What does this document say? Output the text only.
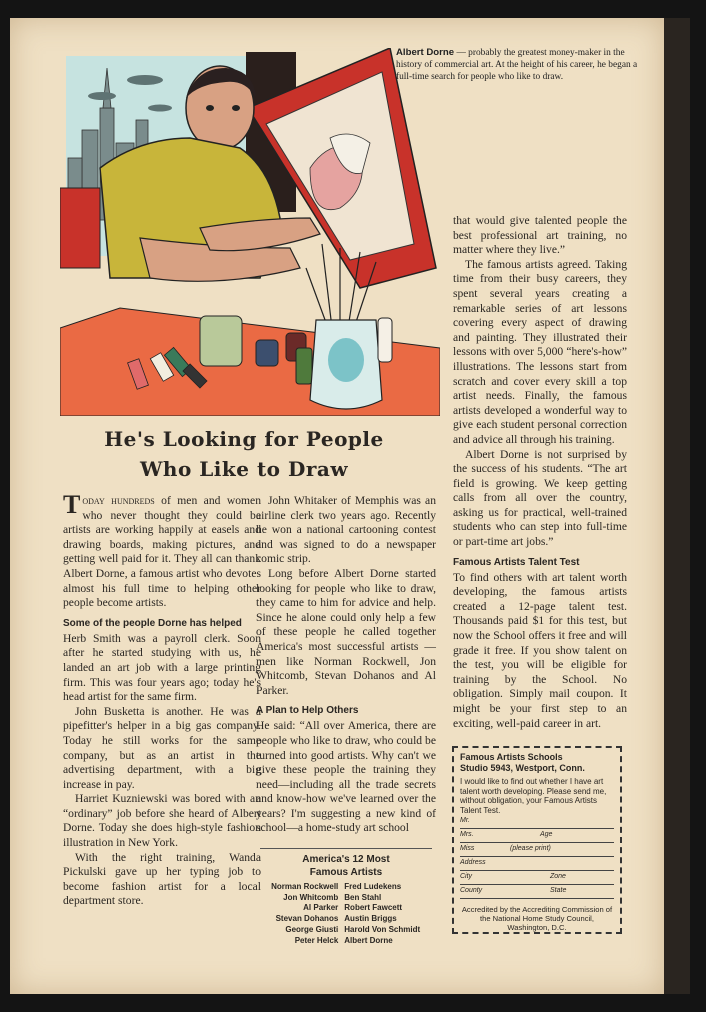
Albert Dorne — probably the greatest money-maker in the history of commercial art. At the height of his career, he began a full-time search for people who like to draw.
He's Looking for People
Who Like to Draw

Today hundreds of men and women who never thought they could be artists are working happily at easels and drawing boards, making pictures, and getting well paid for it. They all can thank Albert Dorne, a famous artist who devotes almost his full time to helping other people become artists.

Some of the people Dorne has helped

Herb Smith was a payroll clerk. Soon after he started studying with us, he landed an art job with a large printing firm. This was four years ago; today he's head artist for the same firm.

John Busketta is another. He was a pipefitter's helper in a big gas company. Today he still works for the same company, but as an artist in the advertising department, with a big increase in pay.

Harriet Kuzniewski was bored with an “ordinary” job before she heard of Albert Dorne. Today she does high-style fashion illustration in New York.

With the right training, Wanda Pickulski gave up her typing job to become fashion artist for a local department store.

John Whitaker of Memphis was an airline clerk two years ago. Recently he won a national cartooning contest and was signed to do a newspaper comic strip.

Long before Albert Dorne started looking for people who like to draw, they came to him for advice and help. Since he alone could only help a few of these people he called together America's most successful artists —men like Norman Rockwell, Jon Whitcomb, Stevan Dohanos and Al Parker.

A Plan to Help Others

He said: “All over America, there are people who like to draw, who could be turned into good artists. Why can't we give these people the training they need—including all the trade secrets and know-how we've learned over the years? I'm suggesting a new kind of school—a home-study art school

America's 12 Most
Famous Artists
Norman Rockwell	Fred Ludekens
Jon Whitcomb	Ben Stahl
Al Parker	Robert Fawcett
Stevan Dohanos	Austin Briggs
George Giusti	Harold Von Schmidt
Peter Helck	Albert Dorne

that would give talented people the best professional art training, no matter where they live.”

The famous artists agreed. Taking time from their busy careers, they spent several years creating a remarkable series of art lessons covering every aspect of drawing and painting. They illustrated their lessons with over 5,000 “here's-how” illustrations. The lessons start from scratch and cover every skill a top artist needs. Finally, the famous artists developed a wonderful way to give each student personal correction and advice all through his training.

Albert Dorne is not surprised by the success of his students. “The art field is growing. We keep getting calls from all over the country, asking us for practical, well-trained students who can step into full-time or part-time art jobs.”

Famous Artists Talent Test

To find others with art talent worth developing, the famous artists created a 12-page talent test. Thousands paid $1 for this test, but now the School offers it free and will grade it free. If you show talent on the test, you will be eligible for training by the School. No obligation. Simply mail coupon. It might be your first step to an exciting, well-paid career in art.

Famous Artists Schools
Studio 5943, Westport, Conn.
I would like to find out whether I have art talent worth developing. Please send me, without obligation, your Famous Artists Talent Test.
Mr.
Mrs.	Age
Miss	(please print)
Address
City	Zone
County	State
Accredited by the Accrediting Commission of the National Home Study Council, Washington, D.C.
